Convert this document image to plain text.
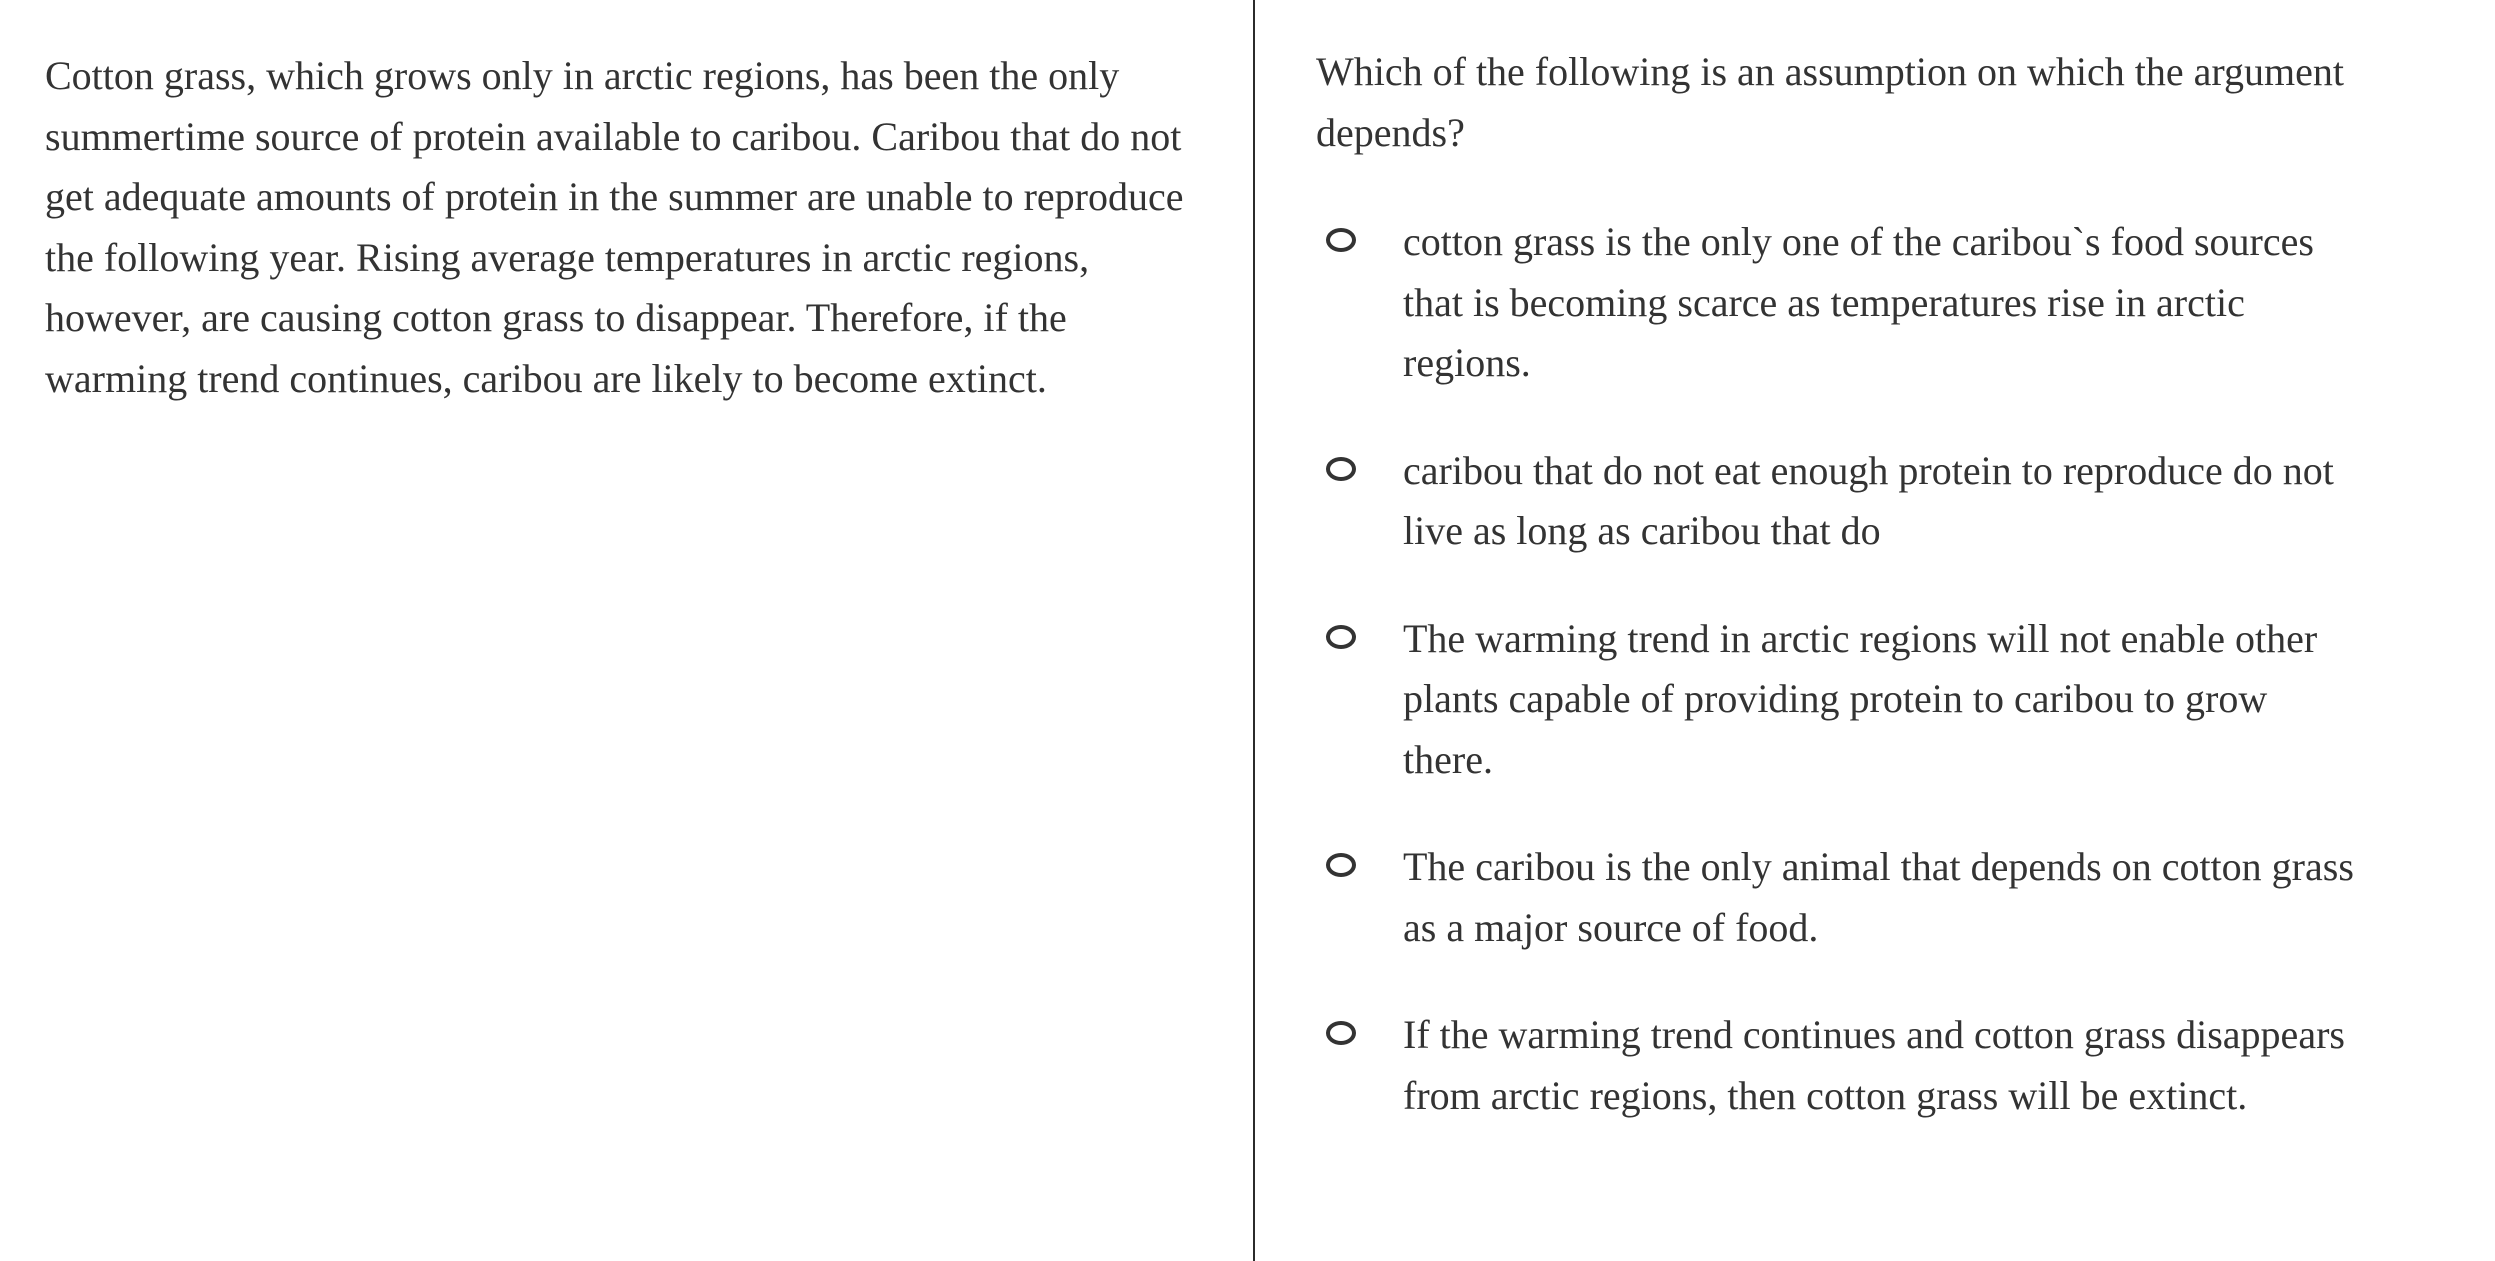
Cotton grass, which grows only in arctic regions, has been the only summertime source of protein available to caribou. Caribou that do not get adequate amounts of protein in the summer are unable to reproduce the following year. Rising average temperatures in arctic regions, however, are causing cotton grass to disappear. Therefore, if the warming trend continues, caribou are likely to become extinct.

Which of the following is an assumption on which the argument depends?

cotton grass is the only one of the caribou`s food sources that is becoming scarce as temperatures rise in arctic regions.
caribou that do not eat enough protein to reproduce do not live as long as caribou that do
The warming trend in arctic regions will not enable other plants capable of providing protein to caribou to grow there.
The caribou is the only animal that depends on cotton grass as a major source of food.
If the warming trend continues and cotton grass disappears from arctic regions, then cotton grass will be extinct.
